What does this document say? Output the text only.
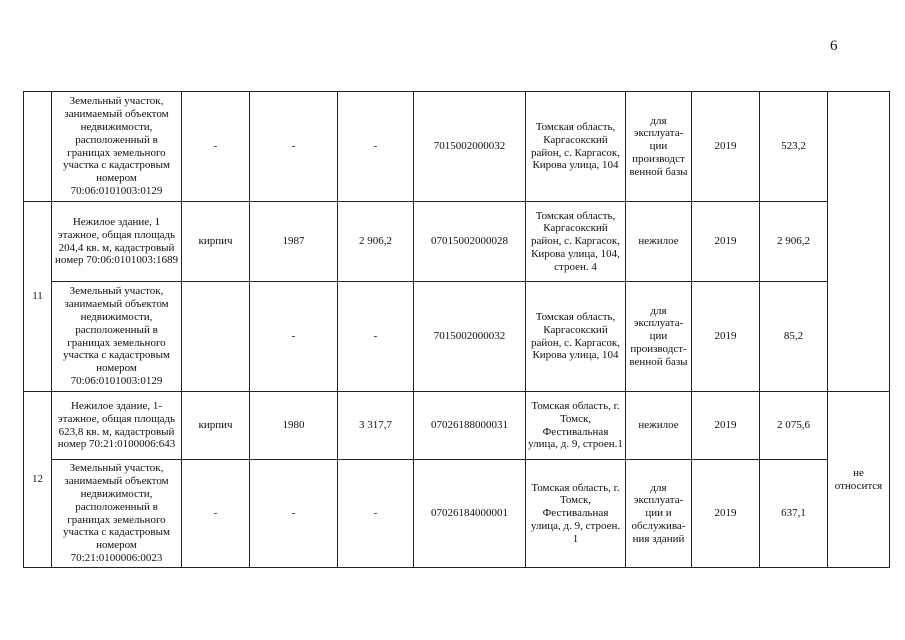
6
	Земельный участок, занимаемый объектом недвижимости, расположенный в границах земельного участка с кадастровым номером 70:06:0101003:0129	-	-	-	7015002000032	Томская область, Каргасокский район, с. Каргасок, Кирова улица, 104	для эксплуата-ции производст венной базы	2019	523,2	
11	Нежилое здание, 1 этажное, общая площадь 204,4 кв. м, кадастровый номер 70:06:0101003:1689	кирпич	1987	2 906,2	07015002000028	Томская область, Каргасокский район, с. Каргасок, Кирова улица, 104, строен. 4	нежилое	2019	2 906,2	
	Земельный участок, занимаемый объектом недвижимости, расположенный в границах земельного участка с кадастровым номером 70:06:0101003:0129		-	-	7015002000032	Томская область, Каргасокский район, с. Каргасок, Кирова улица, 104	для эксплуата-ции производст-венной базы	2019	85,2	
12	Нежилое здание, 1-этажное, общая площадь 623,8 кв. м, кадастровый номер 70:21:0100006:643	кирпич	1980	3 317,7	07026188000031	Томская область, г. Томск, Фестивальная улица, д. 9, строен.1	нежилое	2019	2 075,6	не относится
	Земельный участок, занимаемый объектом недвижимости, расположенный в границах земельного участка с кадастровым номером 70:21:0100006:0023	-	-	-	07026184000001	Томская область, г. Томск, Фестивальная улица, д. 9, строен. 1	для эксплуата-ции и обслужива-ния зданий	2019	637,1	
